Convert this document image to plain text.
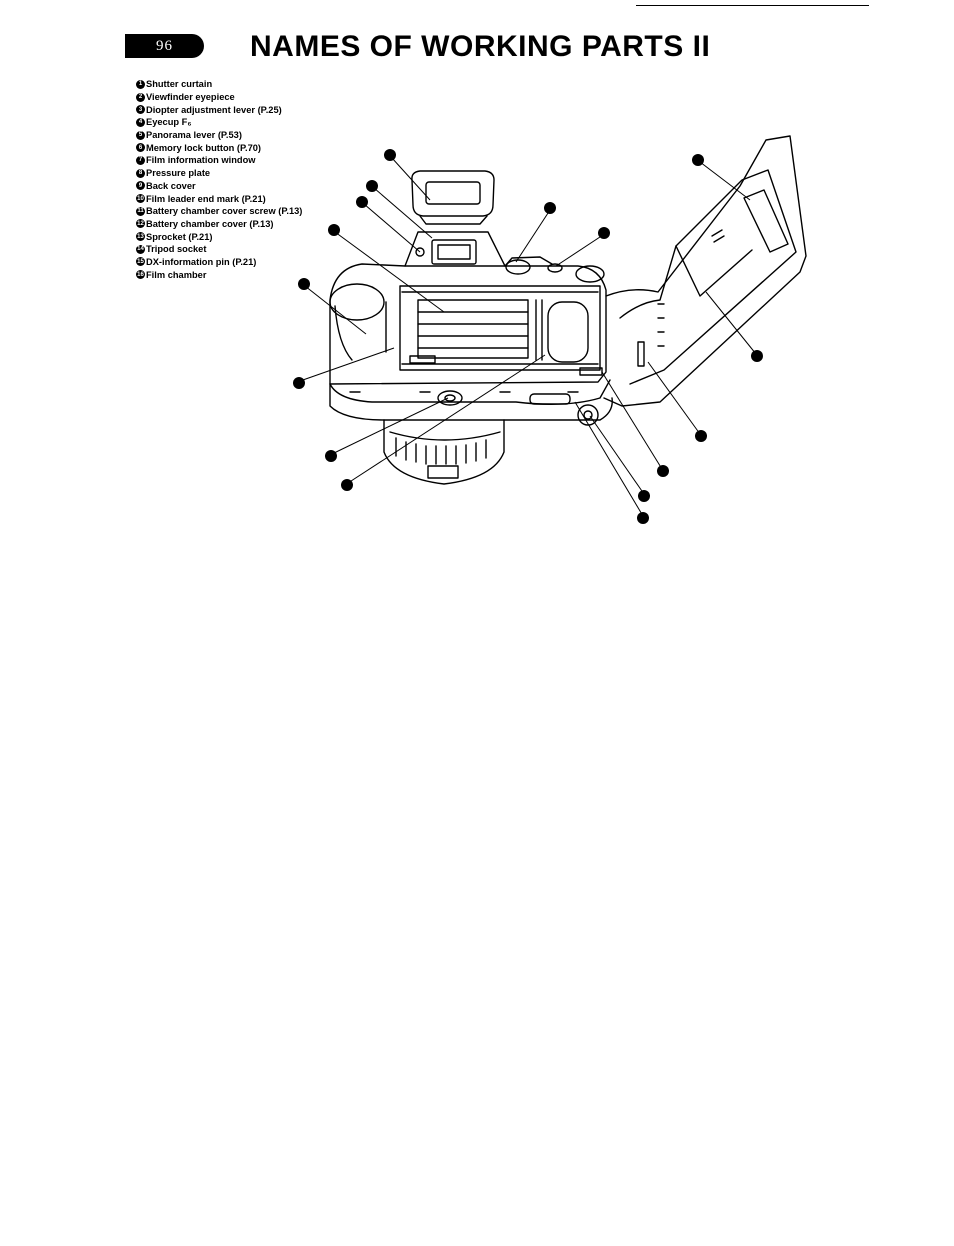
96	NAMES OF WORKING PARTS II
1 Shutter curtain
2 Viewfinder eyepiece
3 Diopter adjustment lever (P.25)
4 Eyecup F₆
5 Panorama lever (P.53)
6 Memory lock button (P.70)
7 Film information window
8 Pressure plate
9 Back cover
10 Film leader end mark (P.21)
11 Battery chamber cover screw (P.13)
12 Battery chamber cover (P.13)
13 Sprocket (P.21)
14 Tripod socket
15 DX-information pin (P.21)
16 Film chamber
